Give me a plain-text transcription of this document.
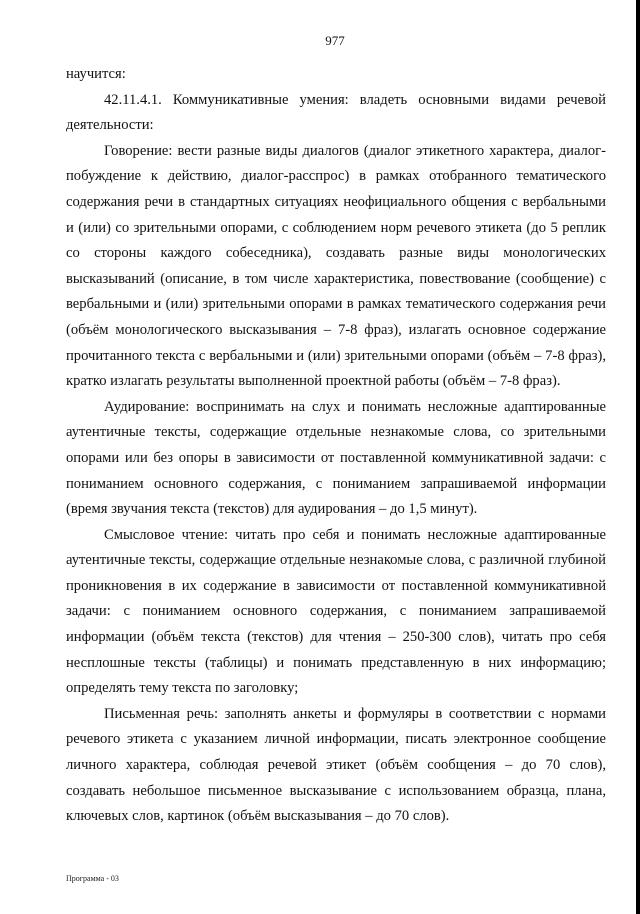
977

научится:

42.11.4.1. Коммуникативные умения: владеть основными видами речевой деятельности:

Говорение: вести разные виды диалогов (диалог этикетного характера, диалог-побуждение к действию, диалог-расспрос) в рамках отобранного тематического содержания речи в стандартных ситуациях неофициального общения с вербальными и (или) со зрительными опорами, с соблюдением норм речевого этикета (до 5 реплик со стороны каждого собеседника), создавать разные виды монологических высказываний (описание, в том числе характеристика, повествование (сообщение) с вербальными и (или) зрительными опорами в рамках тематического содержания речи (объём монологического высказывания – 7-8 фраз), излагать основное содержание прочитанного текста с вербальными и (или) зрительными опорами (объём – 7-8 фраз), кратко излагать результаты выполненной проектной работы (объём – 7-8 фраз).

Аудирование: воспринимать на слух и понимать несложные адаптированные аутентичные тексты, содержащие отдельные незнакомые слова, со зрительными опорами или без опоры в зависимости от поставленной коммуникативной задачи: с пониманием основного содержания, с пониманием запрашиваемой информации (время звучания текста (текстов) для аудирования – до 1,5 минут).

Смысловое чтение: читать про себя и понимать несложные адаптированные аутентичные тексты, содержащие отдельные незнакомые слова, с различной глубиной проникновения в их содержание в зависимости от поставленной коммуникативной задачи: с пониманием основного содержания, с пониманием запрашиваемой информации (объём текста (текстов) для чтения – 250-300 слов), читать про себя несплошные тексты (таблицы) и понимать представленную в них информацию; определять тему текста по заголовку;

Письменная речь: заполнять анкеты и формуляры в соответствии с нормами речевого этикета с указанием личной информации, писать электронное сообщение личного характера, соблюдая речевой этикет (объём сообщения – до 70 слов), создавать небольшое письменное высказывание с использованием образца, плана, ключевых слов, картинок (объём высказывания – до 70 слов).

Программа - 03
